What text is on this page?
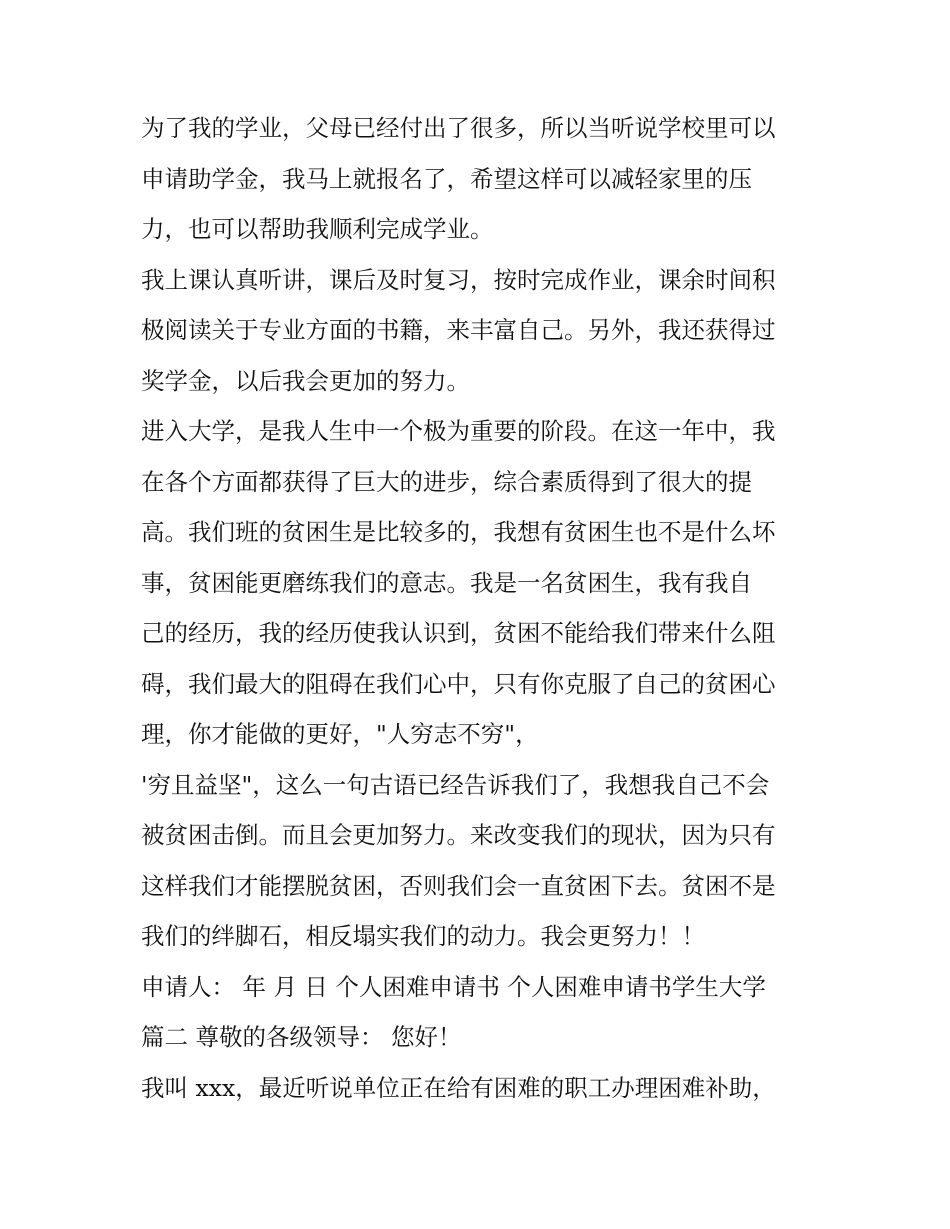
为了我的学业，父母已经付出了很多，所以当听说学校里可以
申请助学金，我马上就报名了，希望这样可以减轻家里的压
力，也可以帮助我顺利完成学业。
我上课认真听讲，课后及时复习，按时完成作业，课余时间积
极阅读关于专业方面的书籍，来丰富自己。另外，我还获得过
奖学金，以后我会更加的努力。
进入大学，是我人生中一个极为重要的阶段。在这一年中，我
在各个方面都获得了巨大的进步，综合素质得到了很大的提
高。我们班的贫困生是比较多的，我想有贫困生也不是什么坏
事，贫困能更磨练我们的意志。我是一名贫困生，我有我自
己的经历，我的经历使我认识到，贫困不能给我们带来什么阻
碍，我们最大的阻碍在我们心中，只有你克服了自己的贫困心
理，你才能做的更好，"人穷志不穷"，
'穷且益坚"，这么一句古语已经告诉我们了，我想我自己不会
被贫困击倒。而且会更加努力。来改变我们的现状，因为只有
这样我们才能摆脱贫困，否则我们会一直贫困下去。贫困不是
我们的绊脚石，相反塌实我们的动力。我会更努力！！
申请人： 年 月 日 个人困难申请书 个人困难申请书学生大学
篇二 尊敬的各级领导： 您好！
我叫 xxx，最近听说单位正在给有困难的职工办理困难补助，
